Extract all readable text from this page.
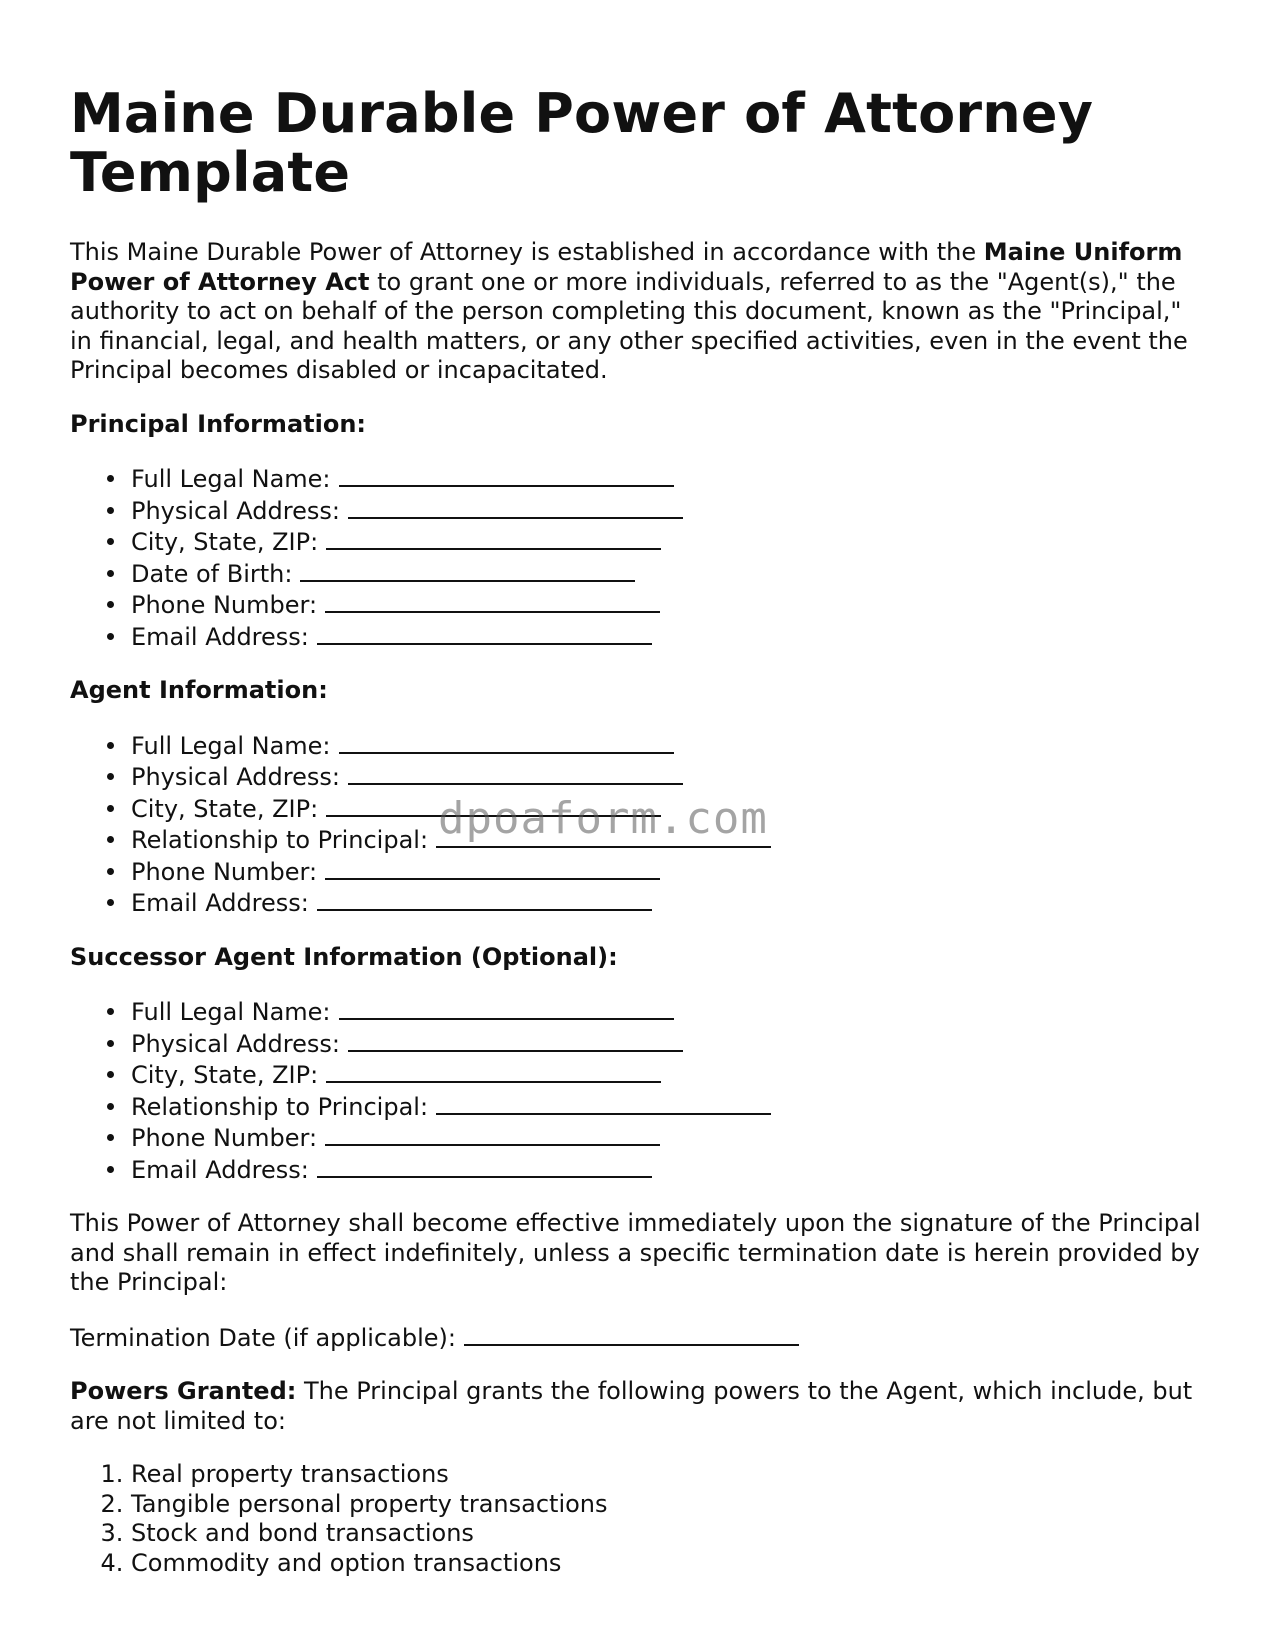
Maine Durable Power of Attorney Template

This Maine Durable Power of Attorney is established in accordance with the Maine Uniform Power of Attorney Act to grant one or more individuals, referred to as the "Agent(s)," the authority to act on behalf of the person completing this document, known as the "Principal," in financial, legal, and health matters, or any other specified activities, even in the event the Principal becomes disabled or incapacitated.

Principal Information:
Full Legal Name:
Physical Address:
City, State, ZIP:
Date of Birth:
Phone Number:
Email Address:
Agent Information:
Full Legal Name:
Physical Address:
City, State, ZIP:
Relationship to Principal:
Phone Number:
Email Address:
Successor Agent Information (Optional):
Full Legal Name:
Physical Address:
City, State, ZIP:
Relationship to Principal:
Phone Number:
Email Address:

This Power of Attorney shall become effective immediately upon the signature of the Principal and shall remain in effect indefinitely, unless a specific termination date is herein provided by the Principal:

Termination Date (if applicable):

Powers Granted: The Principal grants the following powers to the Agent, which include, but are not limited to:

1. Real property transactions
2. Tangible personal property transactions
3. Stock and bond transactions
4. Commodity and option transactions
dpoaform.com
